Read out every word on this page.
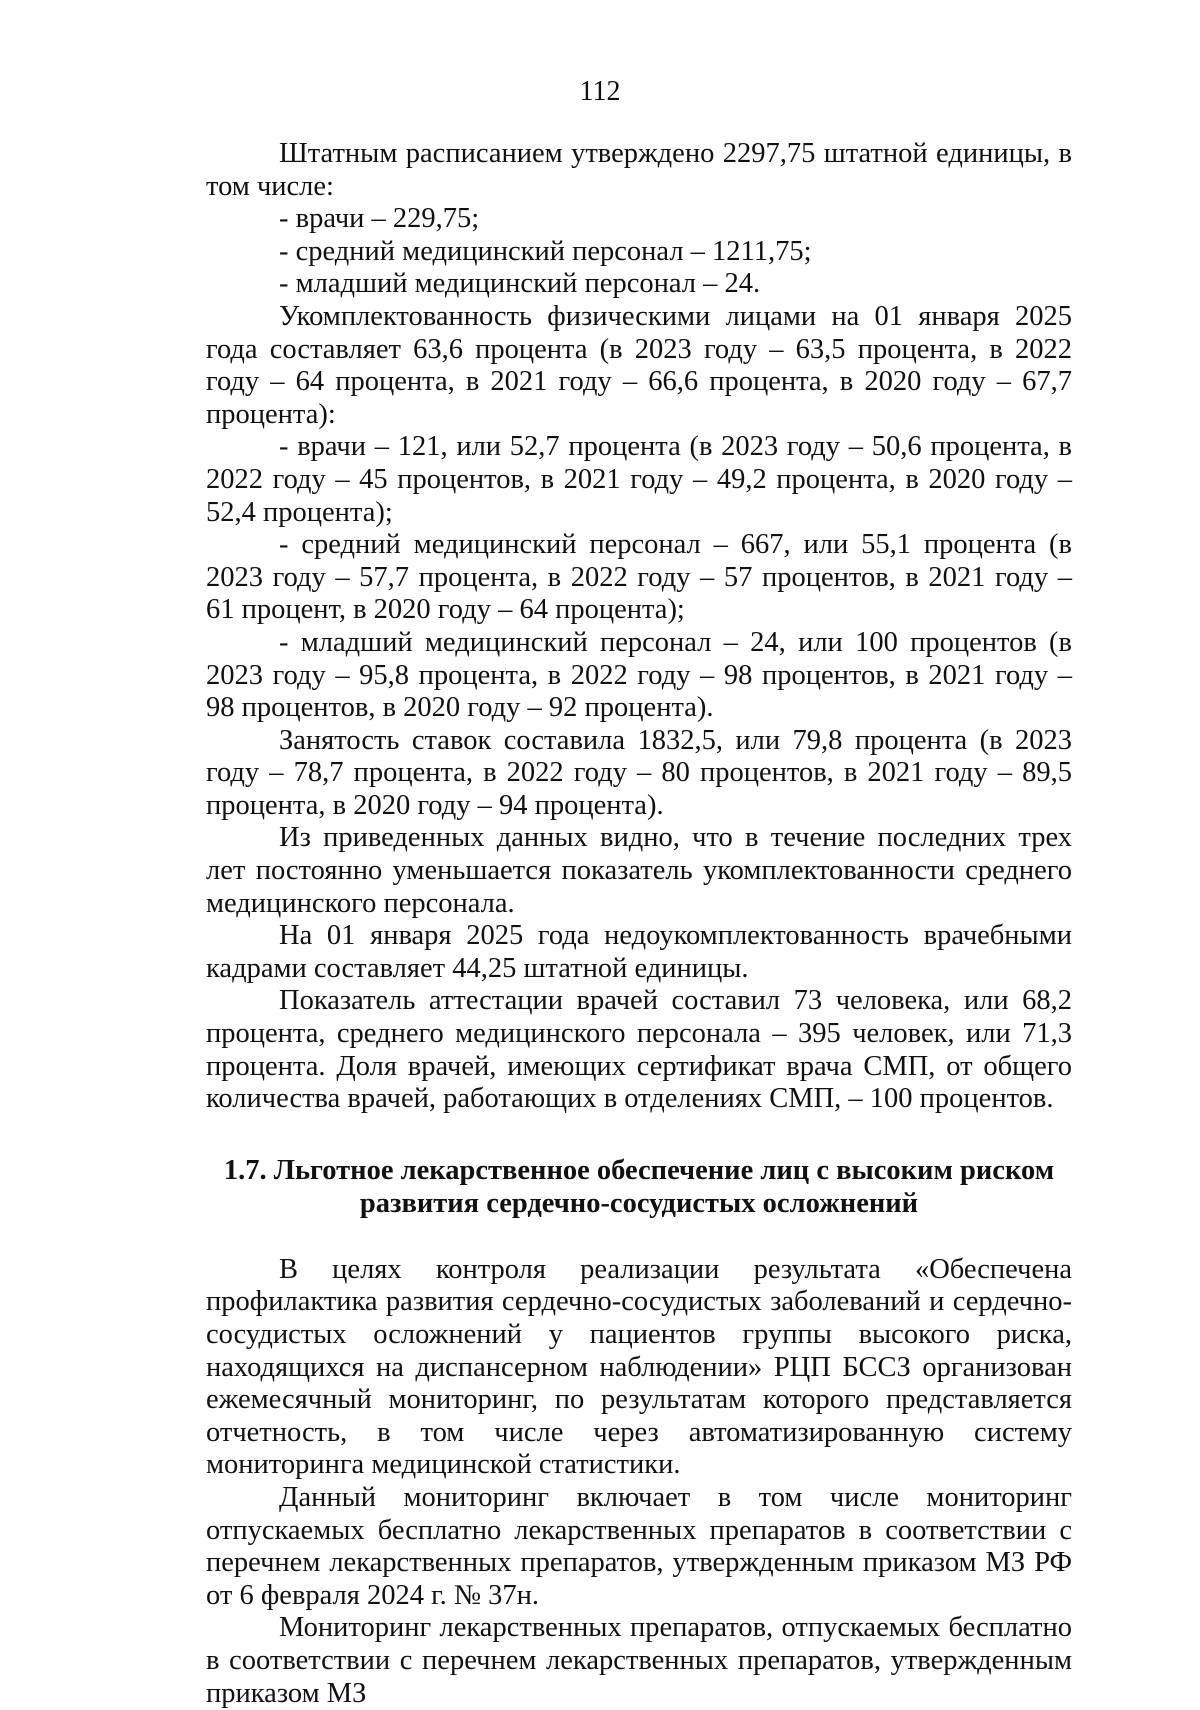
112

Штатным расписанием утверждено 2297,75 штатной единицы, в том числе:

- врачи – 229,75;

- средний медицинский персонал – 1211,75;

- младший медицинский персонал – 24.

Укомплектованность физическими лицами на 01 января 2025 года составляет 63,6 процента (в 2023 году – 63,5 процента, в 2022 году – 64 процента, в 2021 году – 66,6 процента, в 2020 году – 67,7 процента):

- врачи – 121, или 52,7 процента (в 2023 году – 50,6 процента, в 2022 году – 45 процентов, в 2021 году – 49,2 процента, в 2020 году – 52,4 процента);

- средний медицинский персонал – 667, или 55,1 процента (в 2023 году – 57,7 процента, в 2022 году – 57 процентов, в 2021 году – 61 процент, в 2020 году – 64 процента);

- младший медицинский персонал – 24, или 100 процентов (в 2023 году – 95,8 процента, в 2022 году – 98 процентов, в 2021 году – 98 процентов, в 2020 году – 92 процента).

Занятость ставок составила 1832,5, или 79,8 процента (в 2023 году – 78,7 процента, в 2022 году – 80 процентов, в 2021 году – 89,5 процента, в 2020 году – 94 процента).

Из приведенных данных видно, что в течение последних трех лет постоянно уменьшается показатель укомплектованности среднего медицинского персонала.

На 01 января 2025 года недоукомплектованность врачебными кадрами составляет 44,25 штатной единицы.

Показатель аттестации врачей составил 73 человека, или 68,2 процента, среднего медицинского персонала – 395 человек, или 71,3 процента. Доля врачей, имеющих сертификат врача СМП, от общего количества врачей, работающих в отделениях СМП, – 100 процентов.

1.7. Льготное лекарственное обеспечение лиц с высоким риском
развития сердечно-сосудистых осложнений

В целях контроля реализации результата «Обеспечена профилактика развития сердечно-сосудистых заболеваний и сердечно-сосудистых осложнений у пациентов группы высокого риска, находящихся на диспансерном наблюдении» РЦП БССЗ организован ежемесячный мониторинг, по результатам которого представляется отчетность, в том числе через автоматизированную систему мониторинга медицинской статистики.

Данный мониторинг включает в том числе мониторинг отпускаемых бесплатно лекарственных препаратов в соответствии с перечнем лекарственных препаратов, утвержденным приказом МЗ РФ от 6 февраля 2024 г. № 37н.

Мониторинг лекарственных препаратов, отпускаемых бесплатно в соответствии с перечнем лекарственных препаратов, утвержденным приказом МЗ
